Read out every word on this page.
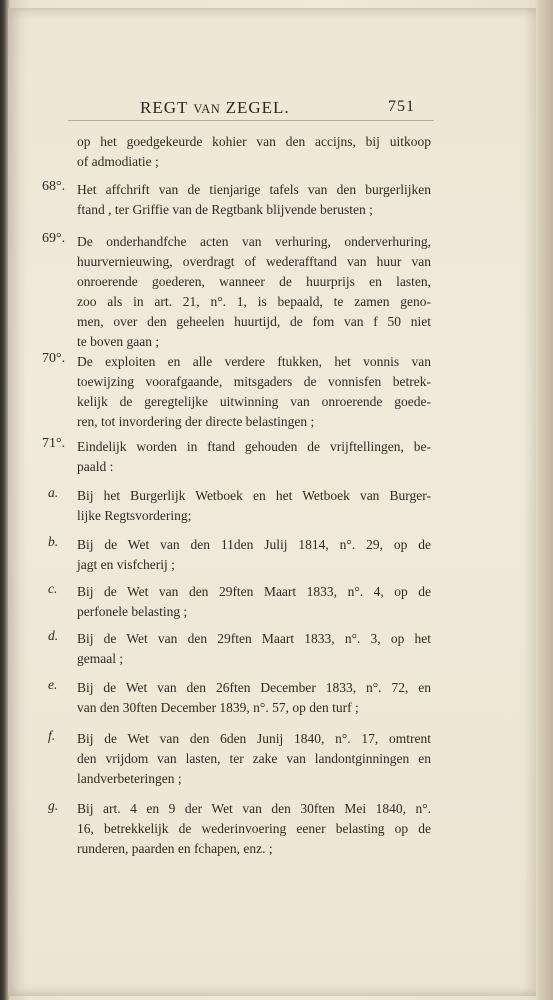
REGT VAN ZEGEL.	751
op het goedgekeurde kohier van den accijns, bij uitkoop
of admodiatie ;
68°. Het affchrift van de tienjarige tafels van den burgerlijken
ftand , ter Griffie van de Regtbank blijvende berusten ;
69°. De onderhandfche acten van verhuring, onderverhuring,
huurvernieuwing, overdragt of wederafftand van huur van
onroerende goederen, wanneer de huurprijs en lasten,
zoo als in art. 21, n°. 1, is bepaald, te zamen geno-
men, over den geheelen huurtijd, de fom van f 50 niet
te boven gaan ;
70°. De exploiten en alle verdere ftukken, het vonnis van
toewijzing voorafgaande, mitsgaders de vonnisfen betrek-
kelijk de geregtelijke uitwinning van onroerende goede-
ren, tot invordering der directe belastingen ;
71°. Eindelijk worden in ftand gehouden de vrijftellingen, be-
paald :
a. Bij het Burgerlijk Wetboek en het Wetboek van Burger-
lijke Regtsvordering;
b. Bij de Wet van den 11den Julij 1814, n°. 29, op de
jagt en visfcherij ;
c. Bij de Wet van den 29ften Maart 1833, n°. 4, op de
perfonele belasting ;
d. Bij de Wet van den 29ften Maart 1833, n°. 3, op het
gemaal ;
e. Bij de Wet van den 26ften December 1833, n°. 72, en
van den 30ften December 1839, n°. 57, op den turf ;
f. Bij de Wet van den 6den Junij 1840, n°. 17, omtrent
den vrijdom van lasten, ter zake van landontginningen en
landverbeteringen ;
g. Bij art. 4 en 9 der Wet van den 30ften Mei 1840, n°.
16, betrekkelijk de wederinvoering eener belasting op de
runderen, paarden en fchapen, enz. ;
